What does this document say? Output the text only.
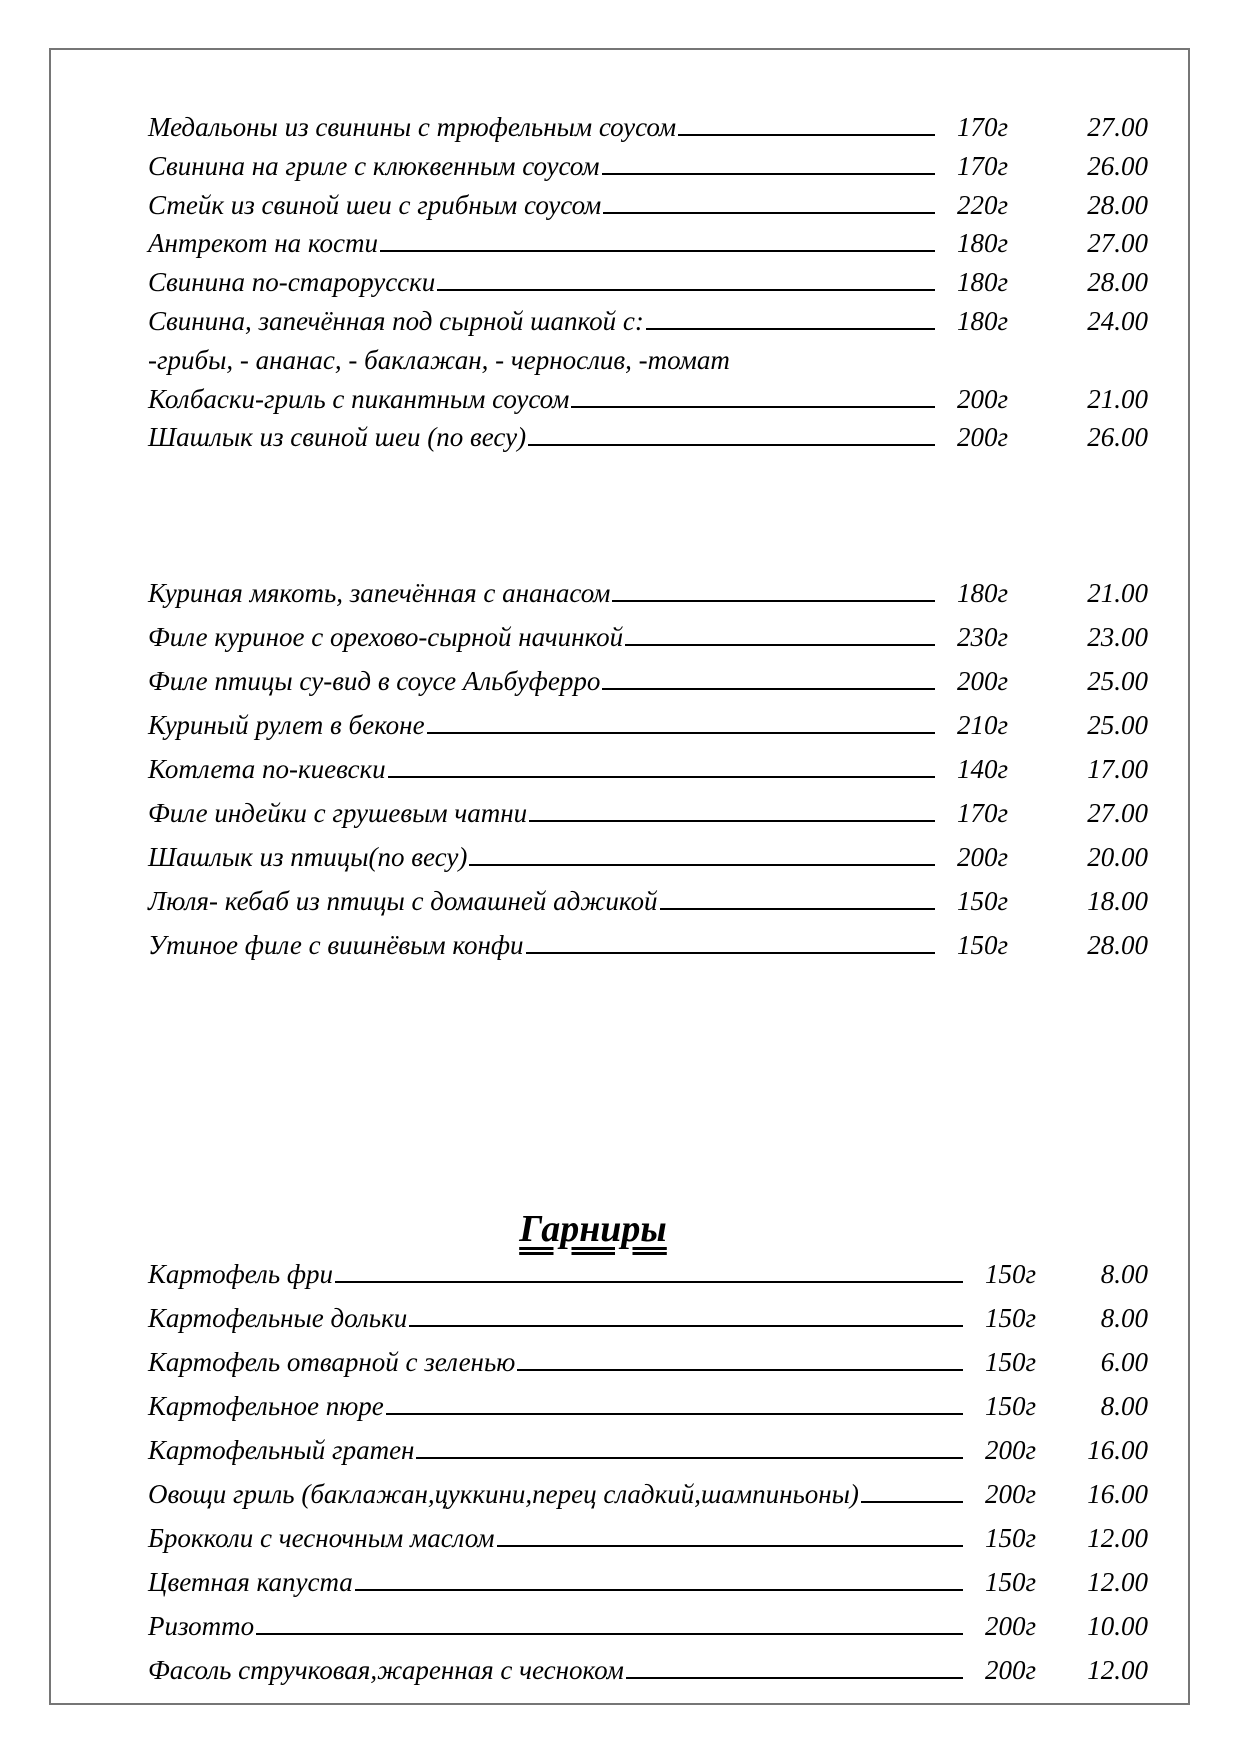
Медальоны из свинины с трюфельным соусом	170г	27.00
Свинина на гриле с клюквенным соусом	170г	26.00
Стейк из свиной шеи с грибным соусом	220г	28.00
Антрекот на кости	180г	27.00
Свинина по-старорусски	180г	28.00
Свинина, запечённая под сырной шапкой с:	180г	24.00
-грибы, - ананас, - баклажан, - чернослив, -томат
Колбаски-гриль с пикантным соусом	200г	21.00
Шашлык из свиной шеи (по весу)	200г	26.00
Куриная мякоть, запечённая с ананасом	180г	21.00
Филе куриное с орехово-сырной начинкой	230г	23.00
Филе птицы су-вид в соусе Альбуферро	200г	25.00
Куриный рулет в беконе	210г	25.00
Котлета по-киевски	140г	17.00
Филе индейки с грушевым чатни	170г	27.00
Шашлык из птицы(по весу)	200г	20.00
Люля- кебаб из птицы с домашней аджикой	150г	18.00
Утиное филе с вишнёвым конфи	150г	28.00
Гарниры
Картофель фри	150г	8.00
Картофельные дольки	150г	8.00
Картофель отварной с зеленью	150г	6.00
Картофельное пюре	150г	8.00
Картофельный гратен	200г	16.00
Овощи гриль (баклажан,цуккини,перец сладкий,шампиньоны)	200г	16.00
Брокколи с чесночным маслом	150г	12.00
Цветная капуста	150г	12.00
Ризотто	200г	10.00
Фасоль стручковая,жаренная с чесноком	200г	12.00
